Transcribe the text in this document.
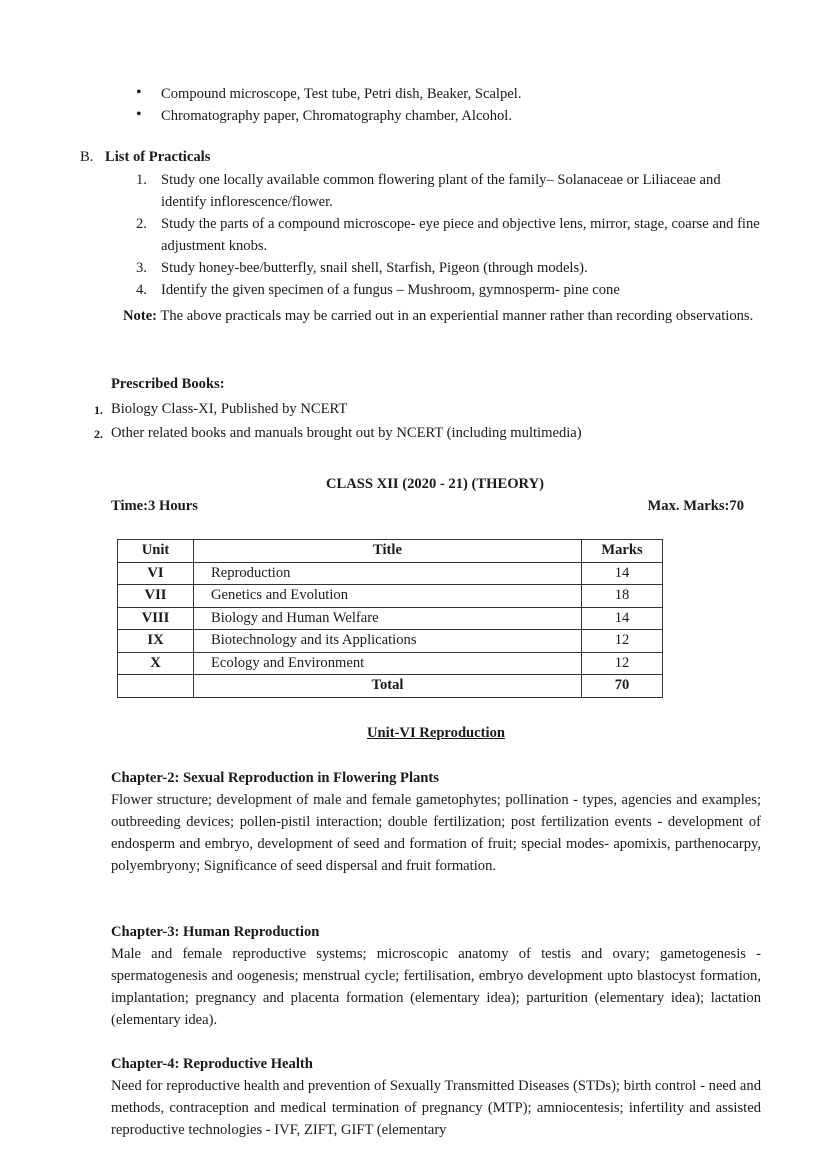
• Compound microscope, Test tube, Petri dish, Beaker, Scalpel.
• Chromatography paper, Chromatography chamber, Alcohol.
B. List of Practicals
1. Study one locally available common flowering plant of the family– Solanaceae or Liliaceae and identify inflorescence/flower.
2. Study the parts of a compound microscope- eye piece and objective lens, mirror, stage, coarse and fine adjustment knobs.
3. Study honey-bee/butterfly, snail shell, Starfish, Pigeon (through models).
4. Identify the given specimen of a fungus – Mushroom, gymnosperm- pine cone
Note: The above practicals may be carried out in an experiential manner rather than recording observations.
Prescribed Books:
1. Biology Class-XI, Published by NCERT
2. Other related books and manuals brought out by NCERT (including multimedia)
CLASS XII (2020 - 21) (THEORY)
Time:3 Hours	Max. Marks:70
Unit	Title	Marks
VI	Reproduction	14
VII	Genetics and Evolution	18
VIII	Biology and Human Welfare	14
IX	Biotechnology and its Applications	12
X	Ecology and Environment	12
	Total	70
Unit-VI Reproduction
Chapter-2: Sexual Reproduction in Flowering Plants
Flower structure; development of male and female gametophytes; pollination - types, agencies and examples; outbreeding devices; pollen-pistil interaction; double fertilization; post fertilization events - development of endosperm and embryo, development of seed and formation of fruit; special modes- apomixis, parthenocarpy, polyembryony; Significance of seed dispersal and fruit formation.
Chapter-3: Human Reproduction
Male and female reproductive systems; microscopic anatomy of testis and ovary; gametogenesis - spermatogenesis and oogenesis; menstrual cycle; fertilisation, embryo development upto blastocyst formation, implantation; pregnancy and placenta formation (elementary idea); parturition (elementary idea); lactation (elementary idea).
Chapter-4: Reproductive Health
Need for reproductive health and prevention of Sexually Transmitted Diseases (STDs); birth control - need and methods, contraception and medical termination of pregnancy (MTP); amniocentesis; infertility and assisted reproductive technologies - IVF, ZIFT, GIFT (elementary
